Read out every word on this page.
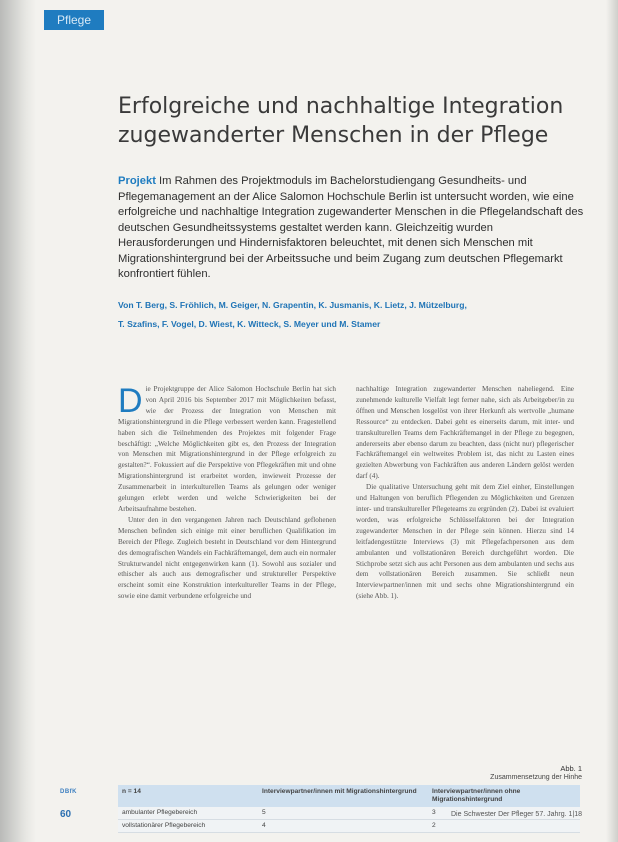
Pflege
Erfolgreiche und nachhaltige Integration
zugewanderter Menschen in der Pflege

Projekt Im Rahmen des Projektmoduls im Bachelorstudiengang Gesundheits- und Pflegemanagement an der Alice Salomon Hochschule Berlin ist untersucht worden, wie eine erfolgreiche und nachhaltige Integration zugewanderter Menschen in die Pflegelandschaft des deutschen Gesundheitssystems gestaltet werden kann. Gleichzeitig wurden Herausforderungen und Hindernisfaktoren beleuchtet, mit denen sich Menschen mit Migrationshintergrund bei der Arbeitssuche und beim Zugang zum deutschen Pflegemarkt konfrontiert fühlen.

Von T. Berg, S. Fröhlich, M. Geiger, N. Grapentin, K. Jusmanis, K. Lietz, J. Mützelburg,
T. Szafins, F. Vogel, D. Wiest, K. Witteck, S. Meyer und M. Stamer

Die Projektgruppe der Alice Salomon Hochschule Berlin hat sich von April 2016 bis September 2017 mit Möglichkeiten befasst, wie der Prozess der Integration von Menschen mit Migrationshintergrund in die Pflege verbessert werden kann. Fragestellend haben sich die Teilnehmenden des Projektes mit folgender Frage beschäftigt: „Welche Möglichkeiten gibt es, den Prozess der Integration von Menschen mit Migrationshintergrund in der Pflege erfolgreich zu gestalten?“. Fokussiert auf die Perspektive von Pflegekräften mit und ohne Migrationshintergrund ist erarbeitet worden, inwieweit Prozesse der Zusammenarbeit in interkulturellen Teams als gelungen oder weniger gelungen erlebt werden und welche Schwierigkeiten bei der Arbeitsaufnahme bestehen.

Unter den in den vergangenen Jahren nach Deutschland geflohenen Menschen befinden sich einige mit einer beruflichen Qualifikation im Bereich der Pflege. Zugleich besteht in Deutschland vor dem Hintergrund des demografischen Wandels ein Fachkräftemangel, dem auch ein normaler Strukturwandel nicht entgegenwirken kann (1). Sowohl aus sozialer und ethischer als auch aus demografischer und struktureller Perspektive erscheint somit eine Konstruktion interkultureller Teams in der Pflege, sowie eine damit verbundene erfolgreiche und

nachhaltige Integration zugewanderter Menschen naheliegend. Eine zunehmende kulturelle Vielfalt legt ferner nahe, sich als Arbeitgeber/in zu öffnen und Menschen losgelöst von ihrer Herkunft als wertvolle „humane Ressource“ zu entdecken. Dabei geht es einerseits darum, mit inter- und transkulturellen Teams dem Fachkräftemangel in der Pflege zu begegnen, andererseits aber ebenso darum zu beachten, dass (nicht nur) pflegerischer Fachkräftemangel ein weltweites Problem ist, das nicht zu Lasten eines gezielten Abwerbung von Fachkräften aus anderen Ländern gelöst werden darf (4).

Die qualitative Untersuchung geht mit dem Ziel einher, Einstellungen und Haltungen von beruflich Pflegenden zu Möglichkeiten und Grenzen inter- und transkultureller Pflegeteams zu ergründen (2). Dabei ist evaluiert worden, was erfolgreiche Schlüsselfaktoren bei der Integration zugewanderter Menschen in der Pflege sein können. Hierzu sind 14 leitfadengestützte Interviews (3) mit Pflegefachpersonen aus dem ambulanten und vollstationären Bereich durchgeführt worden. Die Stichprobe setzt sich aus acht Personen aus dem ambulanten und sechs aus dem vollstationären Bereich zusammen. Sie schließt neun Interviewpartner/innen mit und sechs ohne Migrationshintergrund ein (siehe Abb. 1).

Abb. 1
Zusammensetzung der Hinhe
n = 14	Interviewpartner/innen mit Migrationshintergrund	Interviewpartner/innen ohne Migrationshintergrund
ambulanter Pflegebereich	5	3
vollstationärer Pflegebereich	4	2
DBfK
60	Die Schwester Der Pfleger 57. Jahrg. 1|18
